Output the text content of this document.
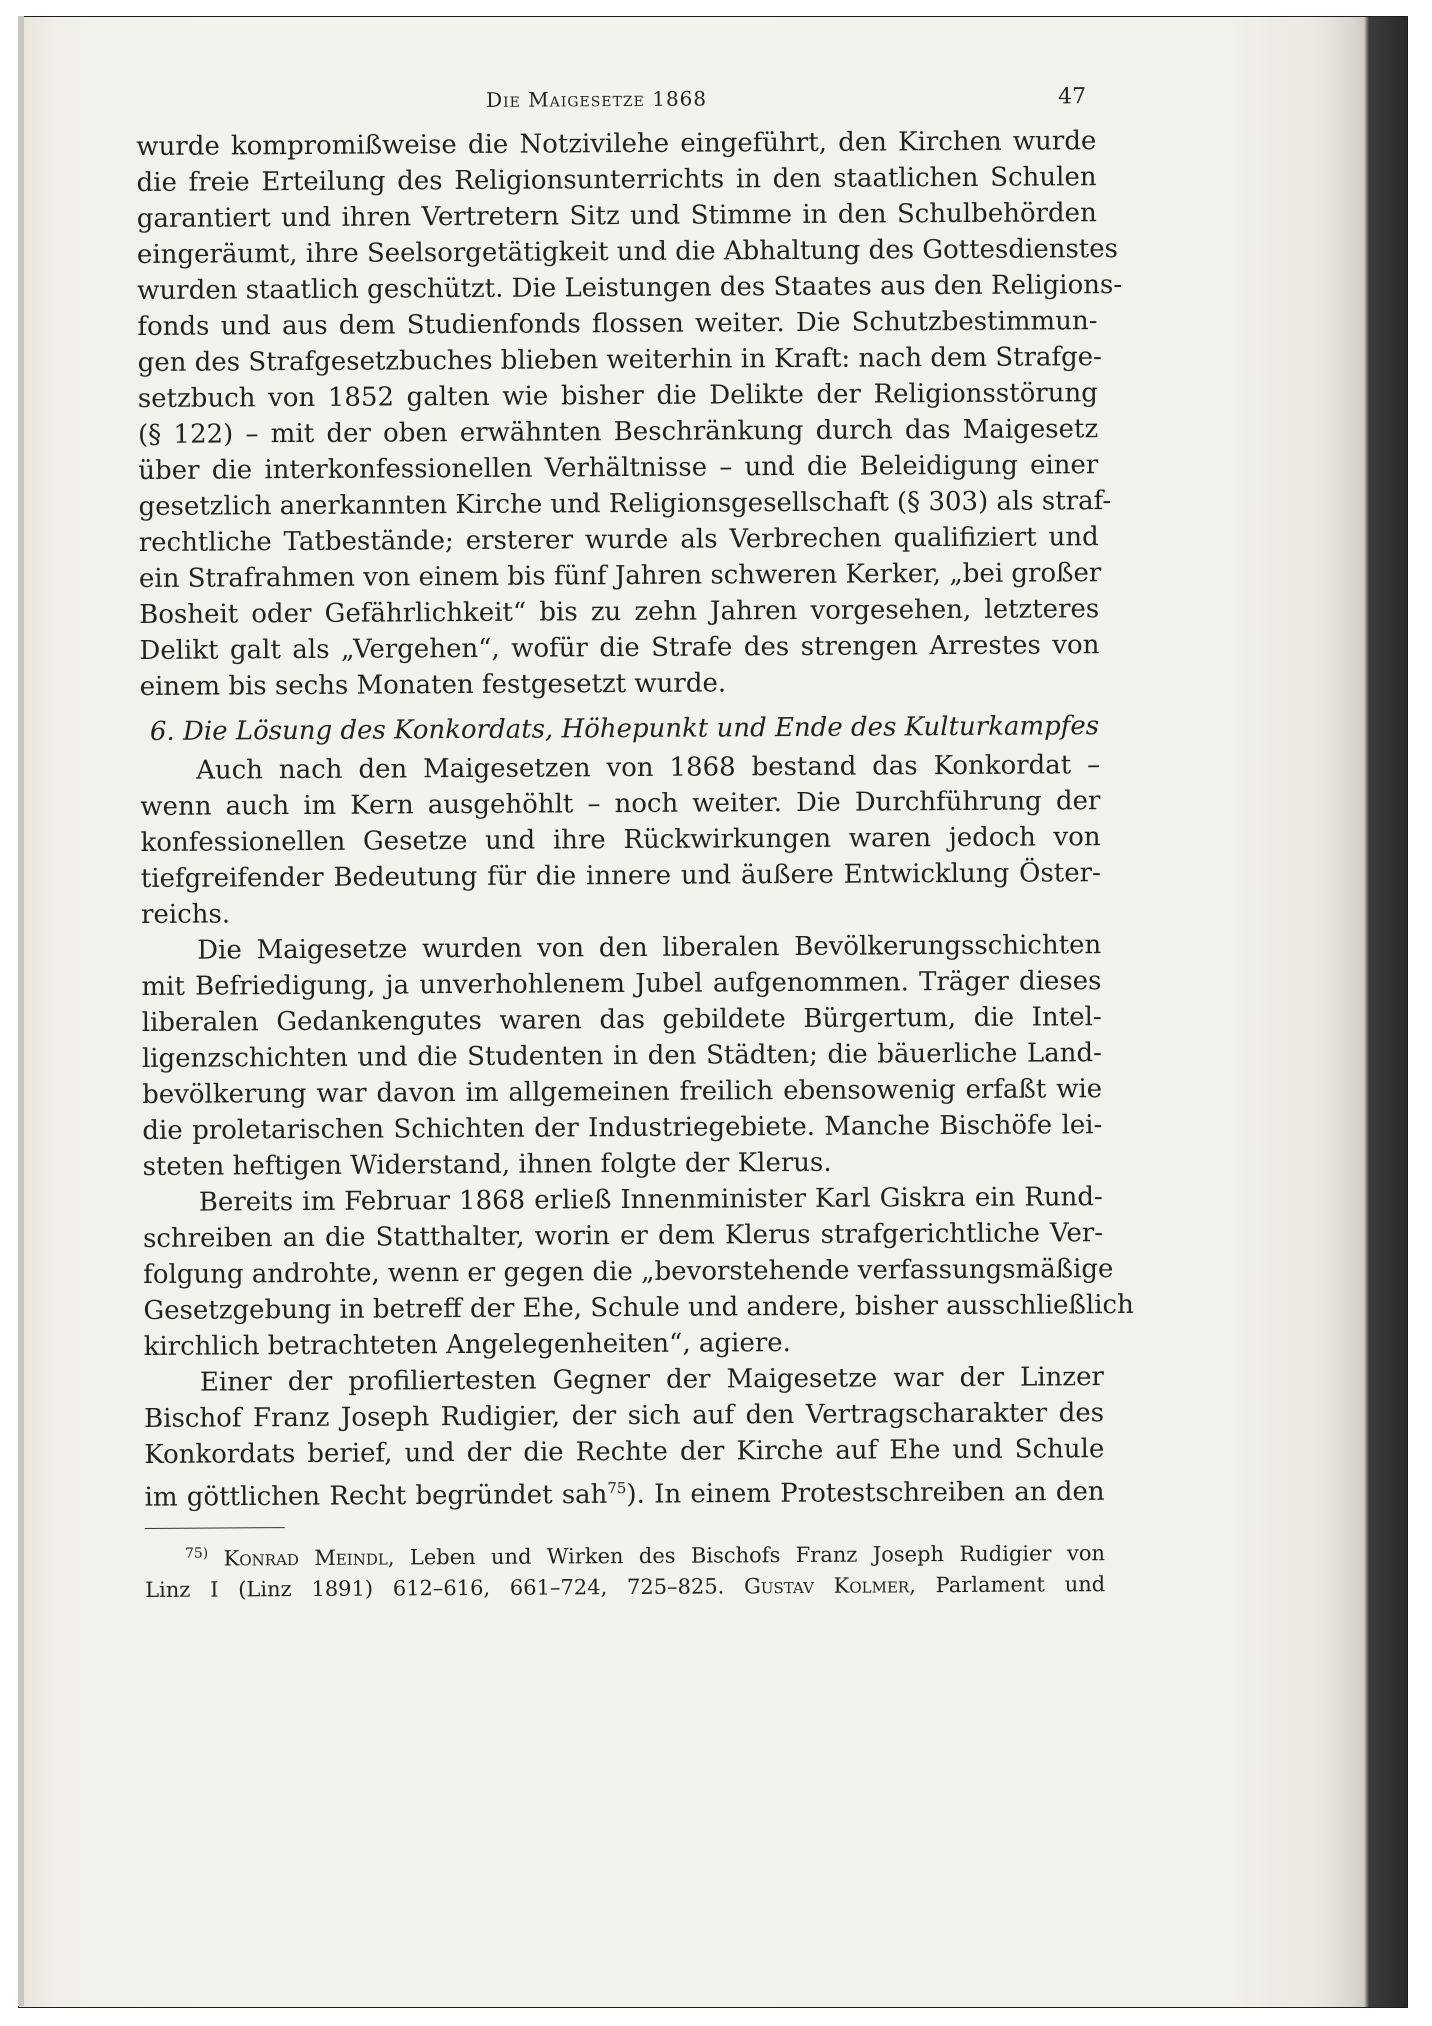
Die Maigesetze 1868	47
wurde kompromißweise die Notzivilehe eingeführt, den Kirchen wurde
die freie Erteilung des Religionsunterrichts in den staatlichen Schulen
garantiert und ihren Vertretern Sitz und Stimme in den Schulbehörden
eingeräumt, ihre Seelsorgetätigkeit und die Abhaltung des Gottesdienstes
wurden staatlich geschützt. Die Leistungen des Staates aus den Religions-
fonds und aus dem Studienfonds flossen weiter. Die Schutzbestimmun-
gen des Strafgesetzbuches blieben weiterhin in Kraft: nach dem Strafge-
setzbuch von 1852 galten wie bisher die Delikte der Religionsstörung
(§ 122) – mit der oben erwähnten Beschränkung durch das Maigesetz
über die interkonfessionellen Verhältnisse – und die Beleidigung einer
gesetzlich anerkannten Kirche und Religionsgesellschaft (§ 303) als straf-
rechtliche Tatbestände; ersterer wurde als Verbrechen qualifiziert und
ein Strafrahmen von einem bis fünf Jahren schweren Kerker, „bei großer
Bosheit oder Gefährlichkeit“ bis zu zehn Jahren vorgesehen, letzteres
Delikt galt als „Vergehen“, wofür die Strafe des strengen Arrestes von
einem bis sechs Monaten festgesetzt wurde.
6. Die Lösung des Konkordats, Höhepunkt und Ende des Kulturkampfes
Auch nach den Maigesetzen von 1868 bestand das Konkordat –
wenn auch im Kern ausgehöhlt – noch weiter. Die Durchführung der
konfessionellen Gesetze und ihre Rückwirkungen waren jedoch von
tiefgreifender Bedeutung für die innere und äußere Entwicklung Öster-
reichs.
Die Maigesetze wurden von den liberalen Bevölkerungsschichten
mit Befriedigung, ja unverhohlenem Jubel aufgenommen. Träger dieses
liberalen Gedankengutes waren das gebildete Bürgertum, die Intel-
ligenzschichten und die Studenten in den Städten; die bäuerliche Land-
bevölkerung war davon im allgemeinen freilich ebensowenig erfaßt wie
die proletarischen Schichten der Industriegebiete. Manche Bischöfe lei-
steten heftigen Widerstand, ihnen folgte der Klerus.
Bereits im Februar 1868 erließ Innenminister Karl Giskra ein Rund-
schreiben an die Statthalter, worin er dem Klerus strafgerichtliche Ver-
folgung androhte, wenn er gegen die „bevorstehende verfassungsmäßige
Gesetzgebung in betreff der Ehe, Schule und andere, bisher ausschließlich
kirchlich betrachteten Angelegenheiten“, agiere.
Einer der profiliertesten Gegner der Maigesetze war der Linzer
Bischof Franz Joseph Rudigier, der sich auf den Vertragscharakter des
Konkordats berief, und der die Rechte der Kirche auf Ehe und Schule
im göttlichen Recht begründet sah$^{75}$). In einem Protestschreiben an den
$^{75)}$ Konrad Meindl, Leben und Wirken des Bischofs Franz Joseph Rudigier von
Linz I (Linz 1891) 612–616, 661–724, 725–825. Gustav Kolmer, Parlament und
